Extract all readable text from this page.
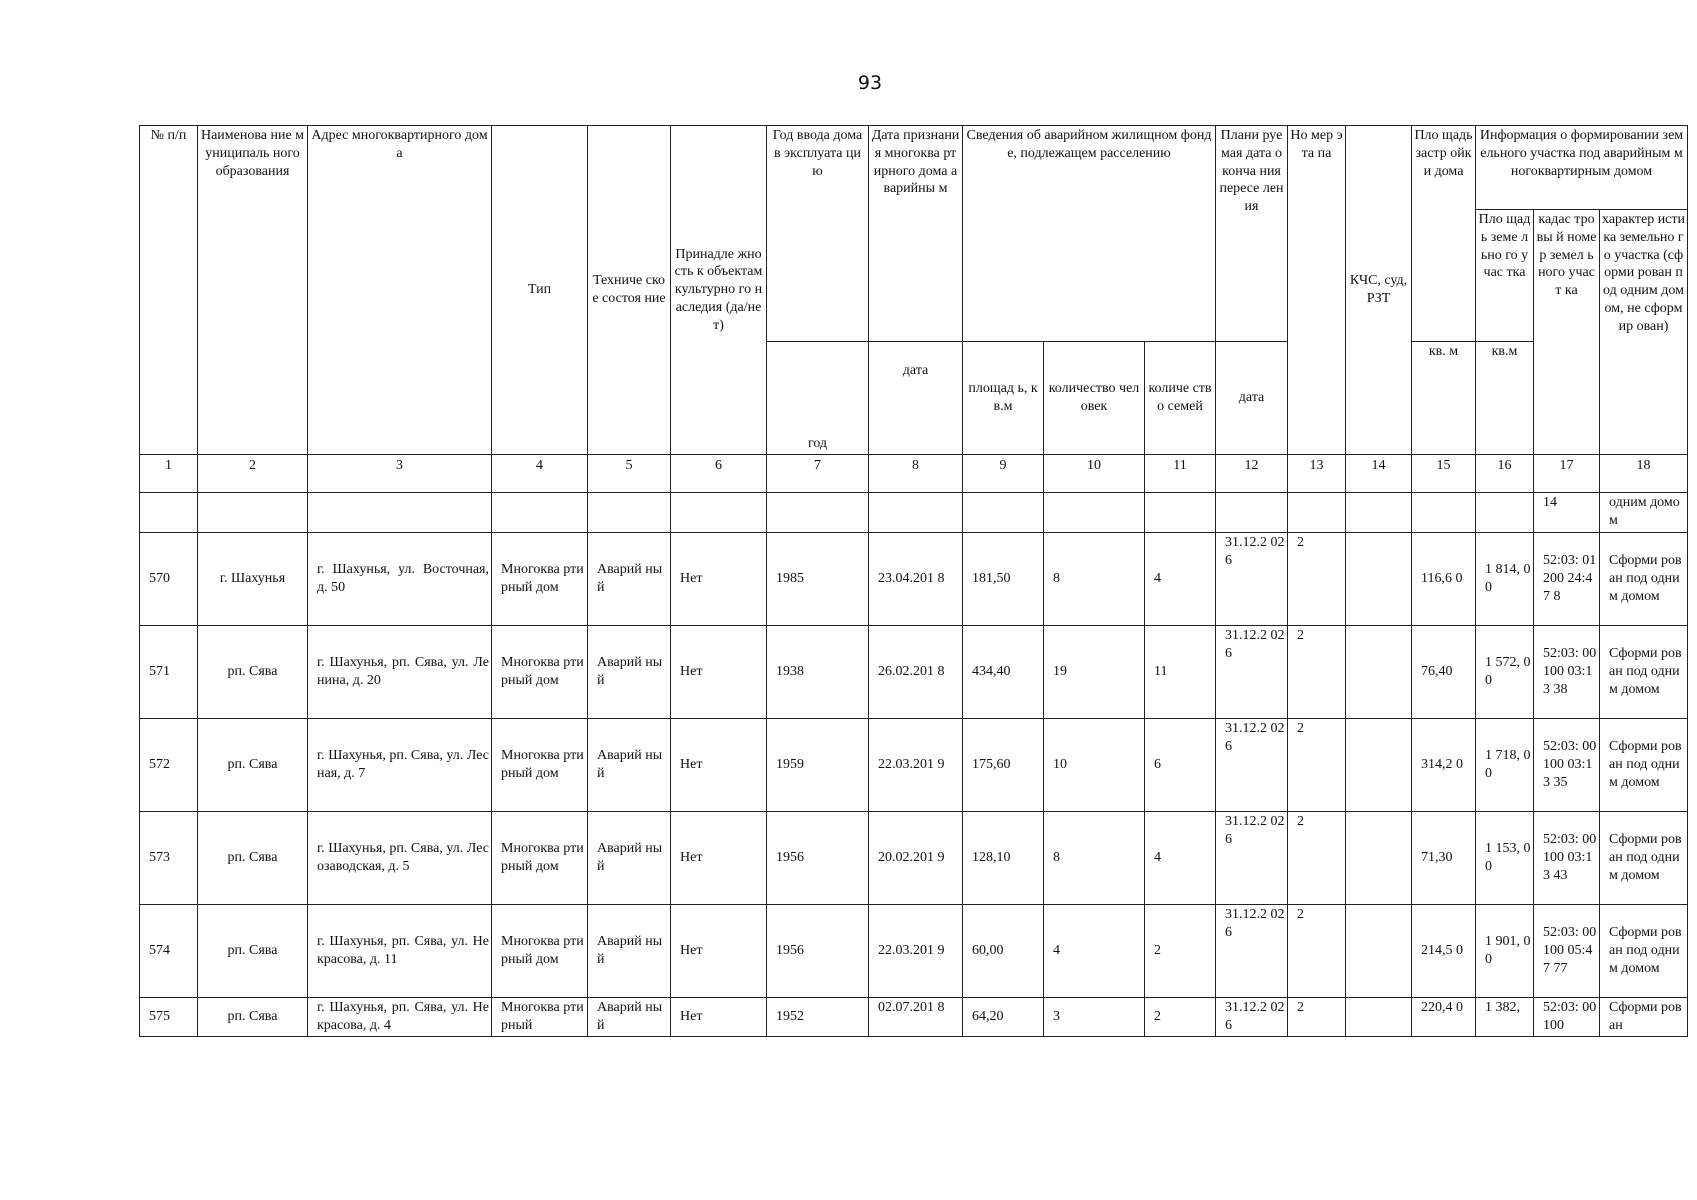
93
№ п/п	Наименова ние муниципаль ного образования	Адрес многоквартирного дома	Тип	Техниче ское состоя ние	Принадле жность к объектам культурно го наследия (да/нет)	Год ввода дома в эксплуата цию	Дата признани я многоква ртирного дома аварийны м	Сведения об аварийном жилищном фонде, подлежащем расселению			Плани руемая дата оконча ния пересе ления	Но мер эта па	КЧС, суд, РЗТ	Пло щадь застр ойки дома	Информация о формировании земельного участка под аварийным многоквартирным домом		
															Пло щадь земе льно го учас тка	кадас тровы й номер земел ьного участ ка	характер истика земельно го участка (сформи рован под одним домом, не сформир ован)
						год	дата	площад ь, кв.м	количество человек	количе ство семей	дата			кв. м	кв.м		
1	2	3	4	5	6	7	8	9	10	11	12	13	14	15	16	17	18
																14	одним домом
570	г. Шахунья	г. Шахунья, ул. Восточная, д. 50	Многоква ртирный дом	Аварий ный	Нет	1985	23.04.201 8	181,50	8	4	31.12.2 026	2		116,6 0	1 814, 00	52:03: 01200 24:47 8	Сформи рован под одним домом
571	рп. Сява	г. Шахунья, рп. Сява, ул. Ленина, д. 20	Многоква ртирный дом	Аварий ный	Нет	1938	26.02.201 8	434,40	19	11	31.12.2 026	2		76,40	1 572, 00	52:03: 00100 03:13 38	Сформи рован под одним домом
572	рп. Сява	г. Шахунья, рп. Сява, ул. Лесная, д. 7	Многоква ртирный дом	Аварий ный	Нет	1959	22.03.201 9	175,60	10	6	31.12.2 026	2		314,2 0	1 718, 00	52:03: 00100 03:13 35	Сформи рован под одним домом
573	рп. Сява	г. Шахунья, рп. Сява, ул. Лесозаводская, д. 5	Многоква ртирный дом	Аварий ный	Нет	1956	20.02.201 9	128,10	8	4	31.12.2 026	2		71,30	1 153, 00	52:03: 00100 03:13 43	Сформи рован под одним домом
574	рп. Сява	г. Шахунья, рп. Сява, ул. Некрасова, д. 11	Многоква ртирный дом	Аварий ный	Нет	1956	22.03.201 9	60,00	4	2	31.12.2 026	2		214,5 0	1 901, 00	52:03: 00100 05:47 77	Сформи рован под одним домом
575	рп. Сява	г. Шахунья, рп. Сява, ул. Некрасова, д. 4	Многоква ртирный	Аварий ный	Нет	1952	02.07.201 8	64,20	3	2	31.12.2 026	2		220,4 0	1 382,	52:03: 00100	Сформи рован
